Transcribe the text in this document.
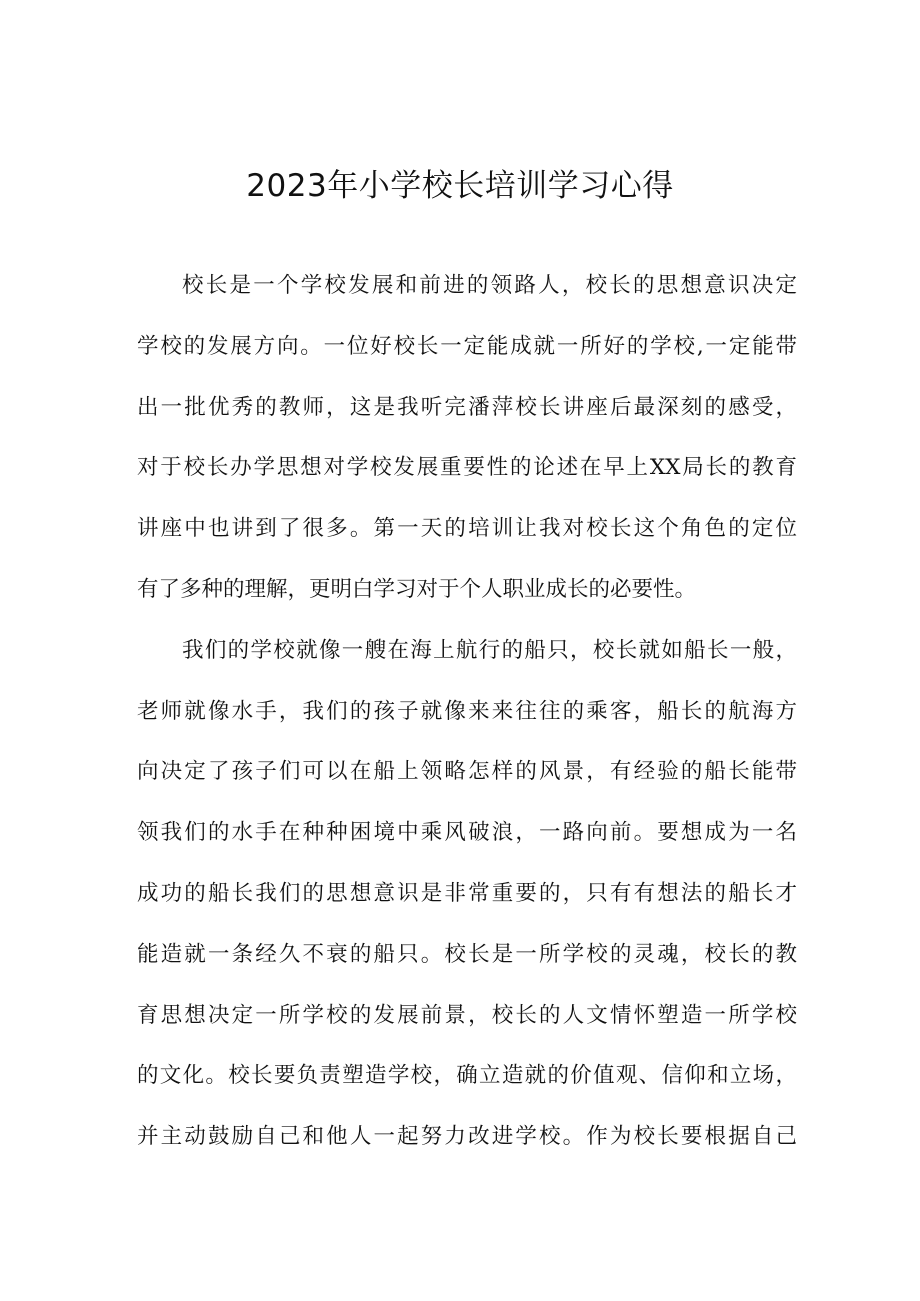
2023年小学校长培训学习心得
校长是一个学校发展和前进的领路人，校长的思想意识决定
学校的发展方向。一位好校长一定能成就一所好的学校,一定能带
出一批优秀的教师，这是我听完潘萍校长讲座后最深刻的感受，
对于校长办学思想对学校发展重要性的论述在早上XX局长的教育
讲座中也讲到了很多。第一天的培训让我对校长这个角色的定位
有了多种的理解，更明白学习对于个人职业成长的必要性。
我们的学校就像一艘在海上航行的船只，校长就如船长一般，
老师就像水手，我们的孩子就像来来往往的乘客，船长的航海方
向决定了孩子们可以在船上领略怎样的风景，有经验的船长能带
领我们的水手在种种困境中乘风破浪，一路向前。要想成为一名
成功的船长我们的思想意识是非常重要的，只有有想法的船长才
能造就一条经久不衰的船只。校长是一所学校的灵魂，校长的教
育思想决定一所学校的发展前景，校长的人文情怀塑造一所学校
的文化。校长要负责塑造学校，确立造就的价值观、信仰和立场，
并主动鼓励自己和他人一起努力改进学校。作为校长要根据自己
